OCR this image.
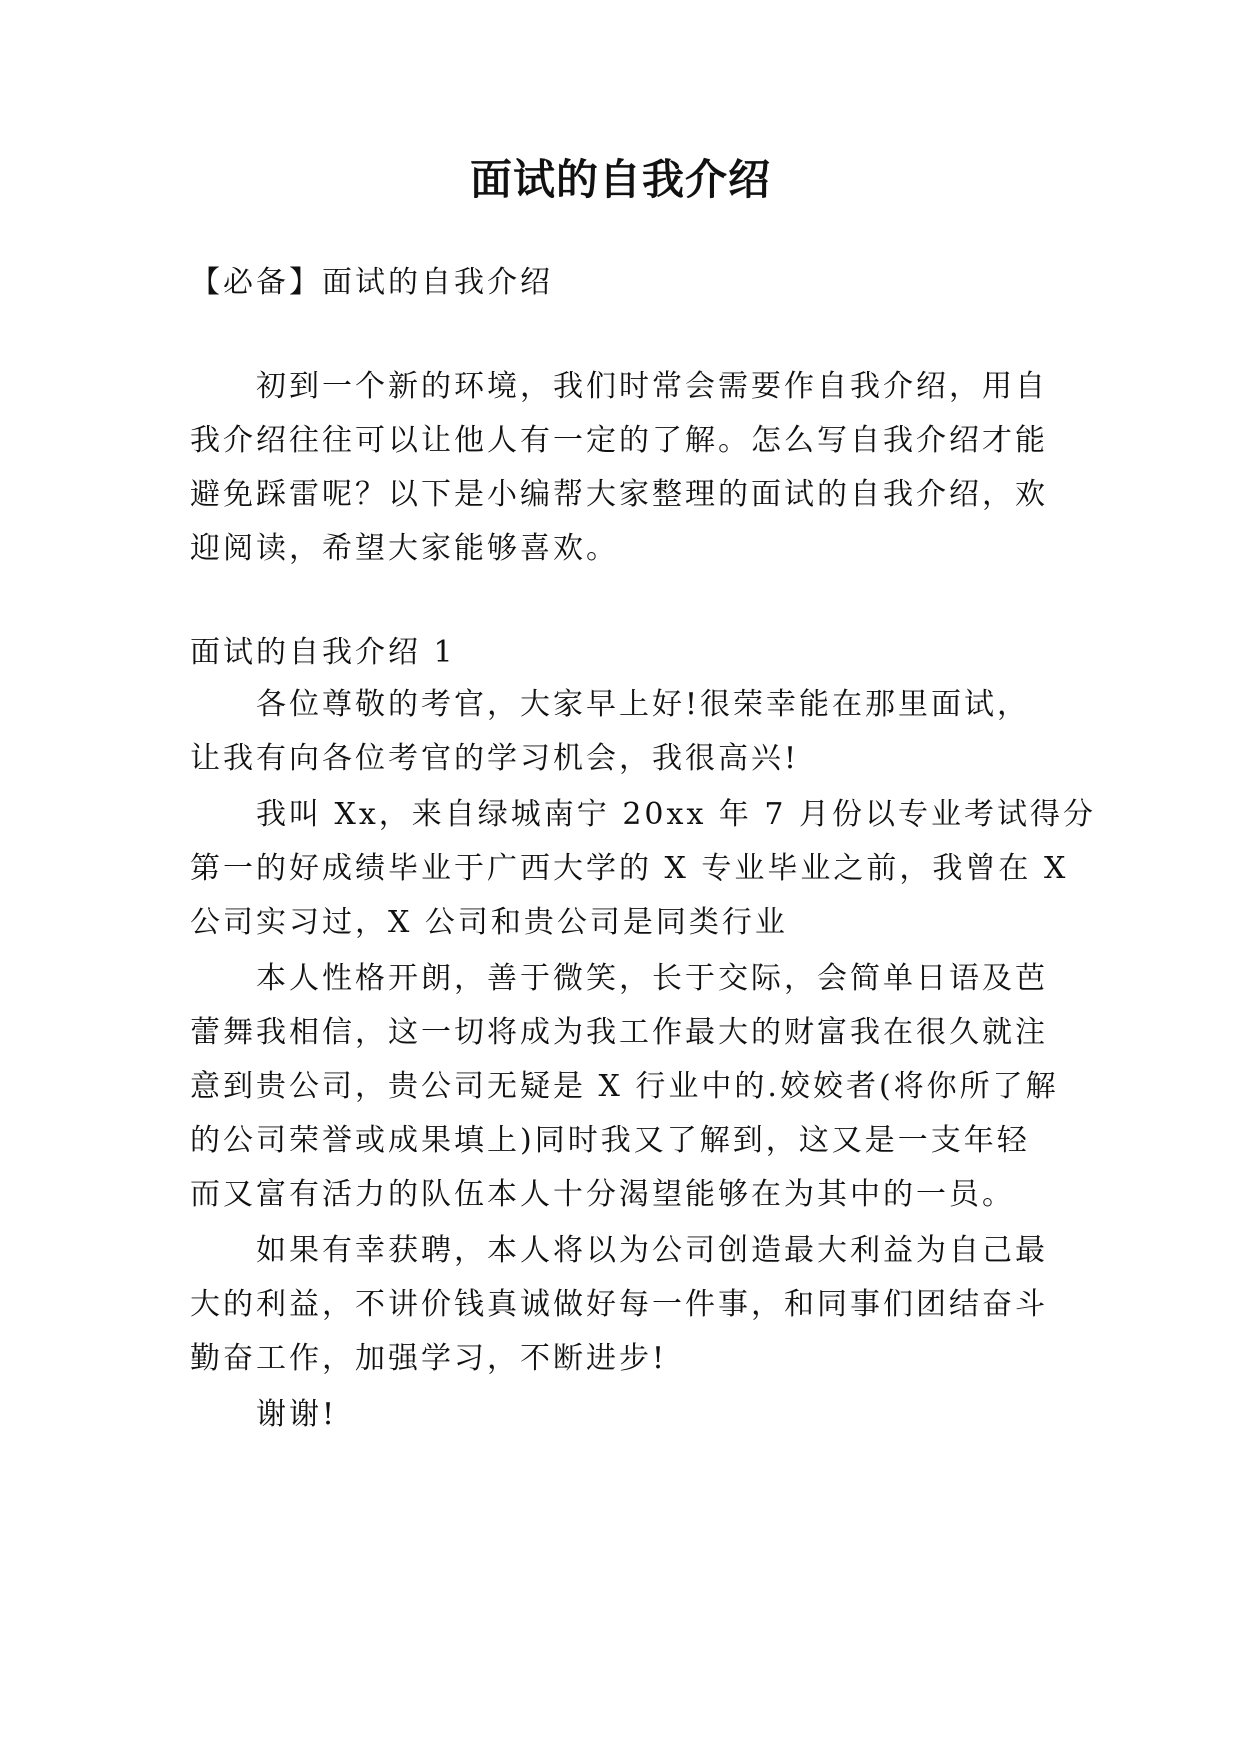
面试的自我介绍
【必备】面试的自我介绍
初到一个新的环境，我们时常会需要作自我介绍，用自
我介绍往往可以让他人有一定的了解。怎么写自我介绍才能
避免踩雷呢？以下是小编帮大家整理的面试的自我介绍，欢
迎阅读，希望大家能够喜欢。
面试的自我介绍 1
各位尊敬的考官，大家早上好!很荣幸能在那里面试，
让我有向各位考官的学习机会，我很高兴!
我叫 Xx，来自绿城南宁 20xx 年 7 月份以专业考试得分
第一的好成绩毕业于广西大学的 X 专业毕业之前，我曾在 X
公司实习过，X 公司和贵公司是同类行业
本人性格开朗，善于微笑，长于交际，会简单日语及芭
蕾舞我相信，这一切将成为我工作最大的财富我在很久就注
意到贵公司，贵公司无疑是 X 行业中的.姣姣者(将你所了解
的公司荣誉或成果填上)同时我又了解到，这又是一支年轻
而又富有活力的队伍本人十分渴望能够在为其中的一员。
如果有幸获聘，本人将以为公司创造最大利益为自己最
大的利益，不讲价钱真诚做好每一件事，和同事们团结奋斗
勤奋工作，加强学习，不断进步!
谢谢!
